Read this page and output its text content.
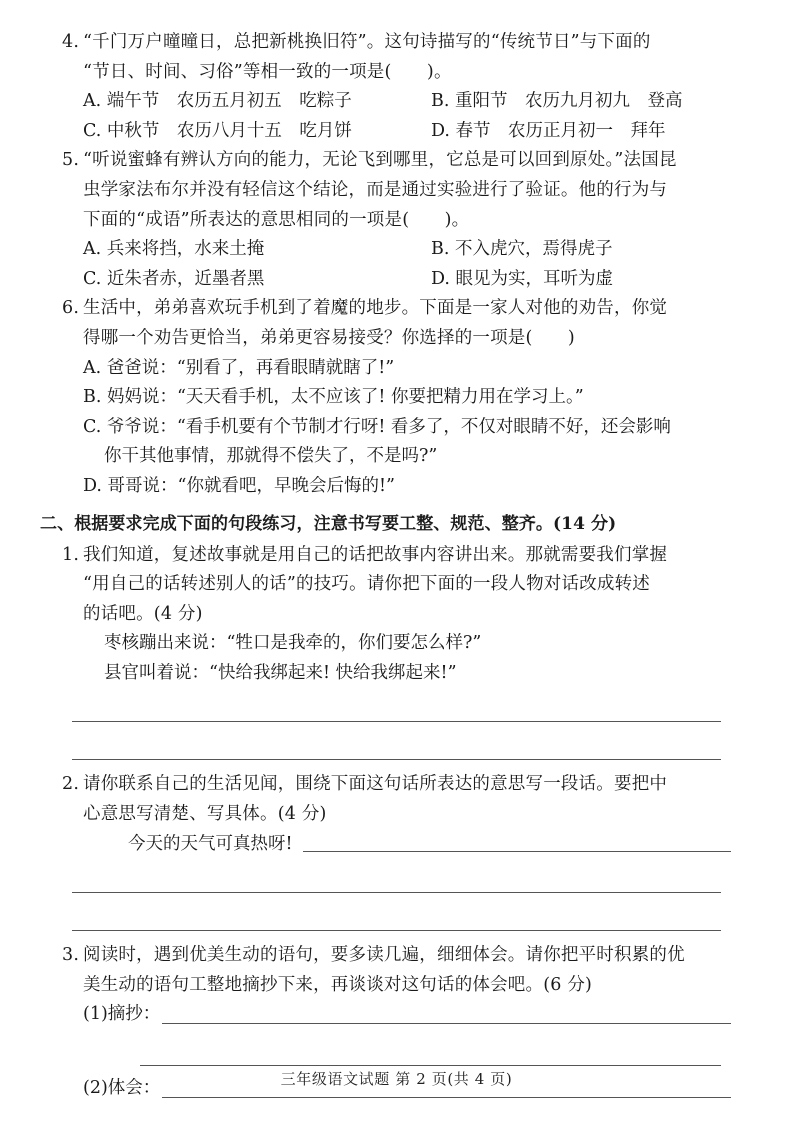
4. “千门万户曈曈日，总把新桃换旧符”。这句诗描写的“传统节日”与下面的
“节日、时间、习俗”等相一致的一项是(　　)。
A. 端午节　农历五月初五　吃粽子	B. 重阳节　农历九月初九　登高
C. 中秋节　农历八月十五　吃月饼	D. 春节　农历正月初一　拜年
5. “听说蜜蜂有辨认方向的能力，无论飞到哪里，它总是可以回到原处。”法国昆
虫学家法布尔并没有轻信这个结论，而是通过实验进行了验证。他的行为与
下面的“成语”所表达的意思相同的一项是(　　)。
A. 兵来将挡，水来土掩	B. 不入虎穴，焉得虎子
C. 近朱者赤，近墨者黑	D. 眼见为实，耳听为虚
6. 生活中，弟弟喜欢玩手机到了着魔的地步。下面是一家人对他的劝告，你觉
得哪一个劝告更恰当，弟弟更容易接受？你选择的一项是(　　)
A. 爸爸说：“别看了，再看眼睛就瞎了!”
B. 妈妈说：“天天看手机，太不应该了! 你要把精力用在学习上。”
C. 爷爷说：“看手机要有个节制才行呀! 看多了，不仅对眼睛不好，还会影响
你干其他事情，那就得不偿失了，不是吗?”
D. 哥哥说：“你就看吧，早晚会后悔的!”
二、根据要求完成下面的句段练习，注意书写要工整、规范、整齐。(14 分)
1. 我们知道，复述故事就是用自己的话把故事内容讲出来。那就需要我们掌握
“用自己的话转述别人的话”的技巧。请你把下面的一段人物对话改成转述
的话吧。(4 分)
枣核蹦出来说：“牲口是我牵的，你们要怎么样?”
县官叫着说：“快给我绑起来! 快给我绑起来!”
2. 请你联系自己的生活见闻，围绕下面这句话所表达的意思写一段话。要把中
心意思写清楚、写具体。(4 分)
今天的天气可真热呀!
3. 阅读时，遇到优美生动的语句，要多读几遍，细细体会。请你把平时积累的优
美生动的语句工整地摘抄下来，再谈谈对这句话的体会吧。(6 分)
(1)摘抄：
(2)体会：	三年级语文试题 第 2 页(共 4 页)
